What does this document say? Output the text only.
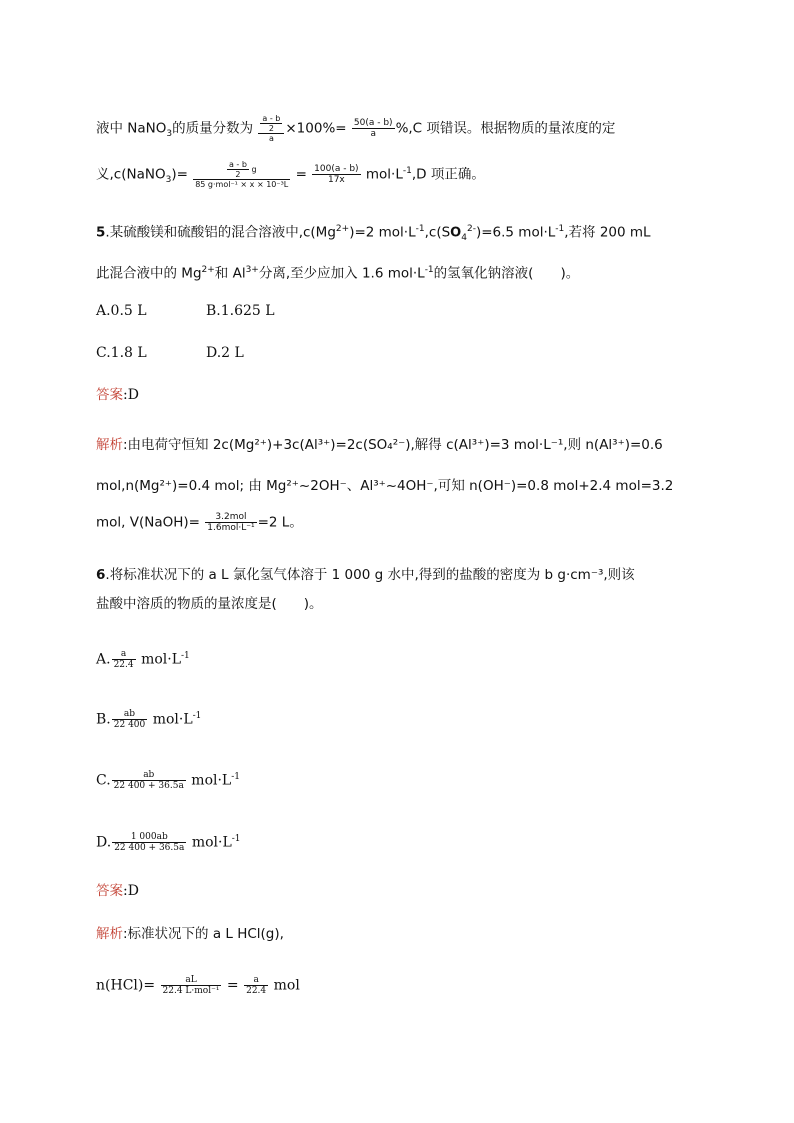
液中 NaNO$_3$的质量分数为 $\frac{\frac{a - b}{2}}{a} \times 100\%= \frac{50(a - b)}{a} \%,C$ 项错误。根据物质的量浓度的定
义,c(NaNO$_3$)= $\frac{\frac{a - b}{2} g}{\text{85 g·mol⁻¹ × x × 10⁻³L}} = \frac{100(a - b)}{17x} mol\cdot L^{-1},D$ 项正确。
5.某硫酸镁和硫酸铝的混合溶液中$,c(Mg^{2+})=2$ $mol\cdot L^{-1},c(SO_4^{2-})=6.5$ $mol\cdot L^{-1}$,若将 200 mL
此混合液中的 $Mg^{2+}$和 $Al^{3+}$分离,至少应加入 1.6 $mol\cdot L^{-1}$的氢氧化钠溶液(　　)。
A.0.5 L	B.1.625 L
C.1.8 L	D.2 L
答案:D
解析:由电荷守恒知 2c(Mg²⁺)+3c(Al³⁺)=2c(SO₄²⁻),解得 c(Al³⁺)=3 mol·L⁻¹,则 n(Al³⁺)=0.6
mol,n(Mg²⁺)=0.4 mol; 由 Mg²⁺~2OH⁻、Al³⁺~4OH⁻,可知 n(OH⁻)=0.8 mol+2.4 mol=3.2
mol, V(NaOH)= $\frac{\text{3.2mol}}{\text{1.6mol·L⁻¹}} =2$ L。
6.将标准状况下的 a L 氯化氢气体溶于 1 000 g 水中,得到的盐酸的密度为 b g·cm⁻³,则该
盐酸中溶质的物质的量浓度是(　　)。
A. $\frac{a}{22.4} mol\cdot L^{-1}$
B. $\frac{ab}{22 400} mol\cdot L^{-1}$
C. $\frac{ab}{22 400 + 36.5a} mol\cdot L^{-1}$
D. $\frac{1 000ab}{22 400 + 36.5a} mol\cdot L^{-1}$
答案:D
解析:标准状况下的 a L HCl(g),
$n(HCl)= \frac{aL}{\text{22.4 L·mol⁻¹}} = \frac{a}{22.4}$ mol
